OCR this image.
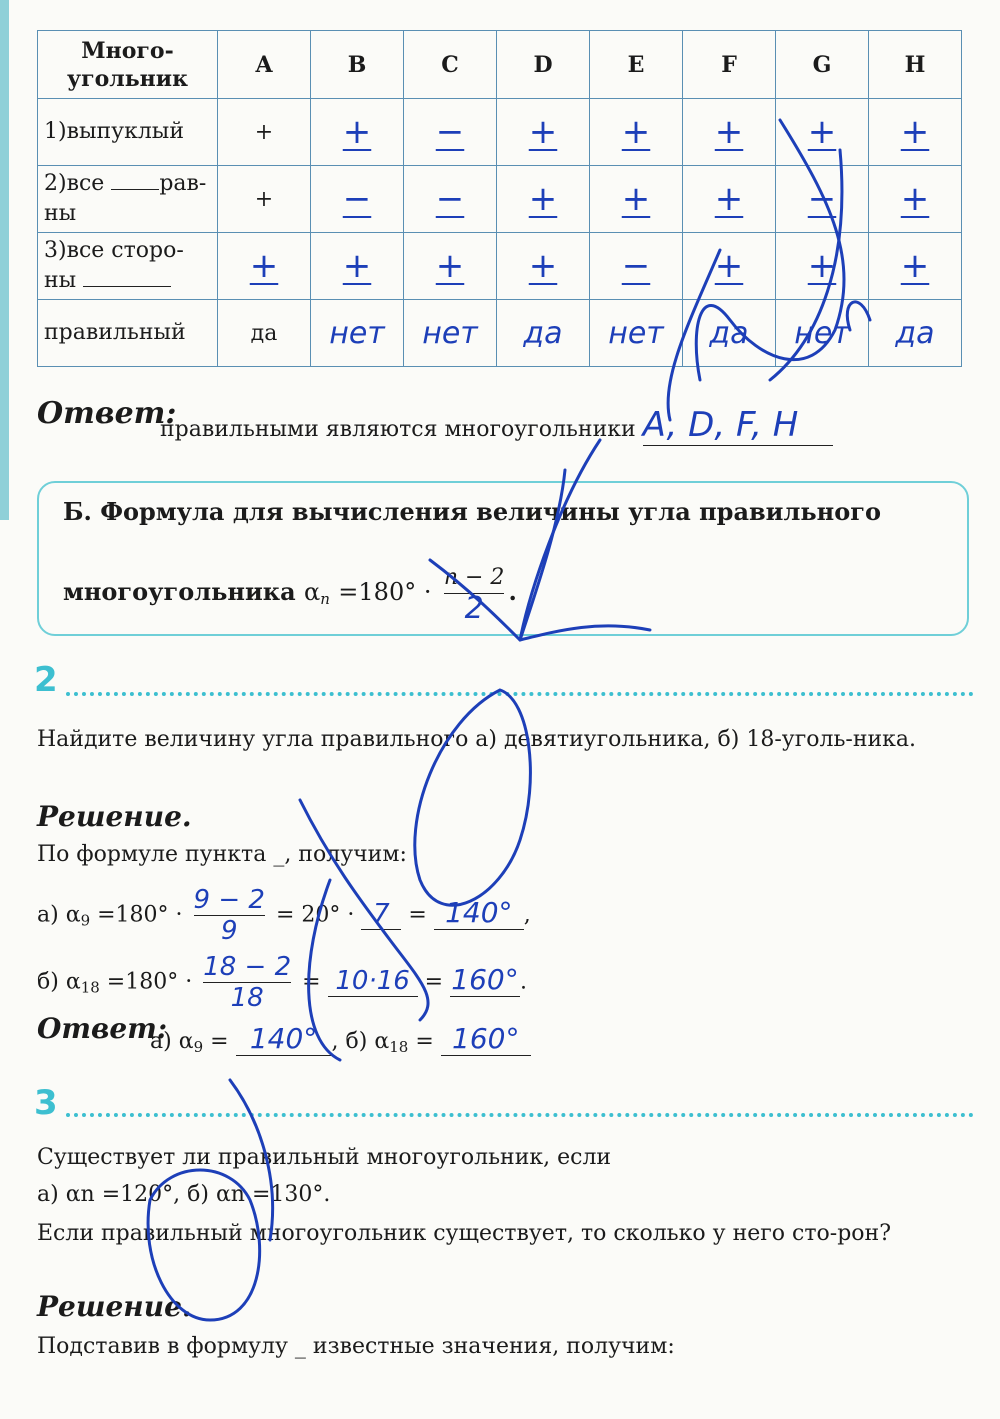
Много-
угольник	A	B	C	D	E	F	G	H
1)выпуклый	+	+	−	+	+	+	+	+
2)все рав-
ны	+	−	−	+	+	+	−	+
3)все сторо-
ны	+	+	+	+	−	+	+	+
правильный	да	нет	нет	да	нет	да	нет	да
Ответ:
правильными являются многоугольники A, D, F, H
Б. Формула для вычисления величины угла правильного
многоугольника $\alpha_n =180^\circ \cdot \frac{n - 2}{2}$ .
2
Найдите величину угла правильного а) девятиугольника, б) 18-уголь-ника.
Решение.
По формуле пункта _, получим:
а) $\alpha_9 =180^\circ \cdot \frac{9 - 2}{9} = 20^\circ \cdot 7 = 140^\circ$ ,
б) $\alpha_{18} =180^\circ \cdot \frac{18 - 2}{18} = 10\cdot 16 = 160^\circ$.
Ответ:
а) $\alpha_9 = 140^\circ$ , б) $\alpha_{18} = 160^\circ$
3
Существует ли правильный многоугольник, если
а) αn =120°, б) αn =130°.
Если правильный многоугольник существует, то сколько у него сто-рон?
Решение.
Подставив в формулу _ известные значения, получим:
